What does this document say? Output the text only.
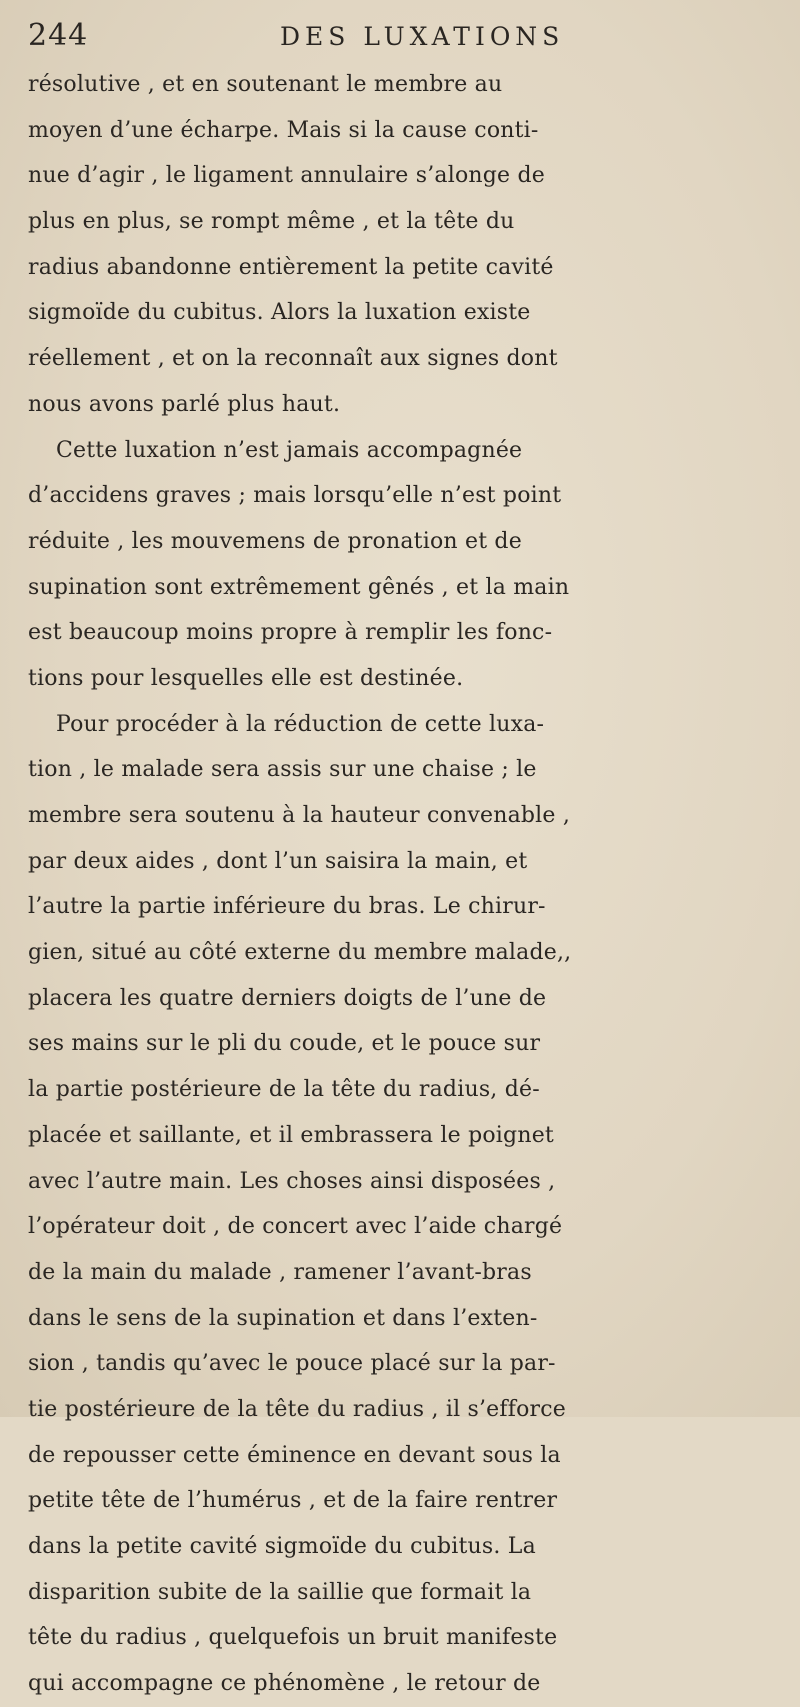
244	DES LUXATIONS
résolutive , et en soutenant le membre au
moyen d’une écharpe. Mais si la cause conti-
nue d’agir , le ligament annulaire s’alonge de
plus en plus, se rompt même , et la tête du
radius abandonne entièrement la petite cavité
sigmoïde du cubitus. Alors la luxation existe
réellement , et on la reconnaît aux signes dont
nous avons parlé plus haut.
Cette luxation n’est jamais accompagnée
d’accidens graves ; mais lorsqu’elle n’est point
réduite , les mouvemens de pronation et de
supination sont extrêmement gênés , et la main
est beaucoup moins propre à remplir les fonc-
tions pour lesquelles elle est destinée.
Pour procéder à la réduction de cette luxa-
tion , le malade sera assis sur une chaise ; le
membre sera soutenu à la hauteur convenable ,
par deux aides , dont l’un saisira la main, et
l’autre la partie inférieure du bras. Le chirur-
gien, situé au côté externe du membre malade,,
placera les quatre derniers doigts de l’une de
ses mains sur le pli du coude, et le pouce sur
la partie postérieure de la tête du radius, dé-
placée et saillante, et il embrassera le poignet
avec l’autre main. Les choses ainsi disposées ,
l’opérateur doit , de concert avec l’aide chargé
de la main du malade , ramener l’avant-bras
dans le sens de la supination et dans l’exten-
sion , tandis qu’avec le pouce placé sur la par-
tie postérieure de la tête du radius , il s’efforce
de repousser cette éminence en devant sous la
petite tête de l’humérus , et de la faire rentrer
dans la petite cavité sigmoïde du cubitus. La
disparition subite de la saillie que formait la
tête du radius , quelquefois un bruit manifeste
qui accompagne ce phénomène , le retour de
